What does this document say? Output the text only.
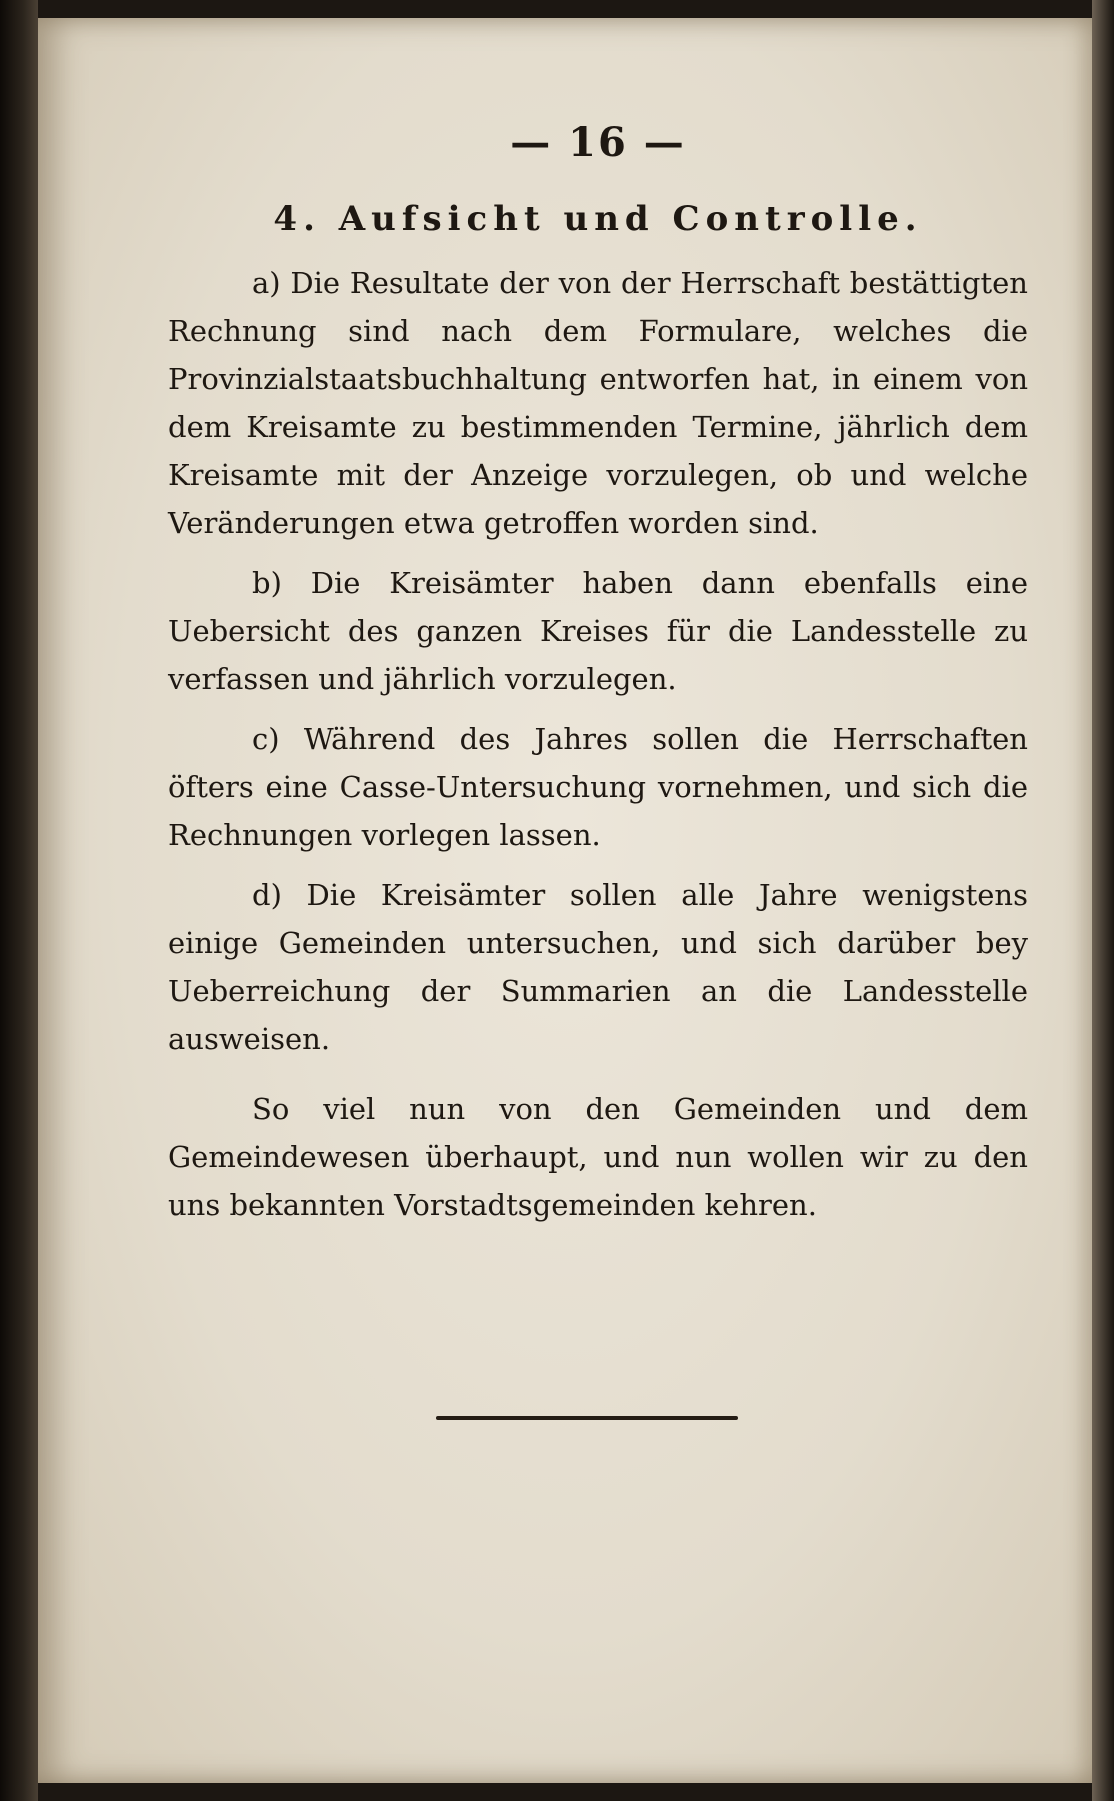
— 16 —
4. Aufsicht und Controlle.

a) Die Resultate der von der Herrschaft bestättigten Rechnung sind nach dem Formulare, welches die Provinzialstaatsbuchhaltung entworfen hat, in einem von dem Kreisamte zu bestimmenden Termine, jährlich dem Kreisamte mit der Anzeige vorzulegen, ob und welche Veränderungen etwa getroffen worden sind.

b) Die Kreisämter haben dann ebenfalls eine Uebersicht des ganzen Kreises für die Landesstelle zu verfassen und jährlich vorzulegen.

c) Während des Jahres sollen die Herrschaften öfters eine Casse-Untersuchung vornehmen, und sich die Rechnungen vorlegen lassen.

d) Die Kreisämter sollen alle Jahre wenigstens einige Gemeinden untersuchen, und sich darüber bey Ueberreichung der Summarien an die Landesstelle ausweisen.

So viel nun von den Gemeinden und dem Gemeindewesen überhaupt, und nun wollen wir zu den uns bekannten Vorstadtsgemeinden kehren.
